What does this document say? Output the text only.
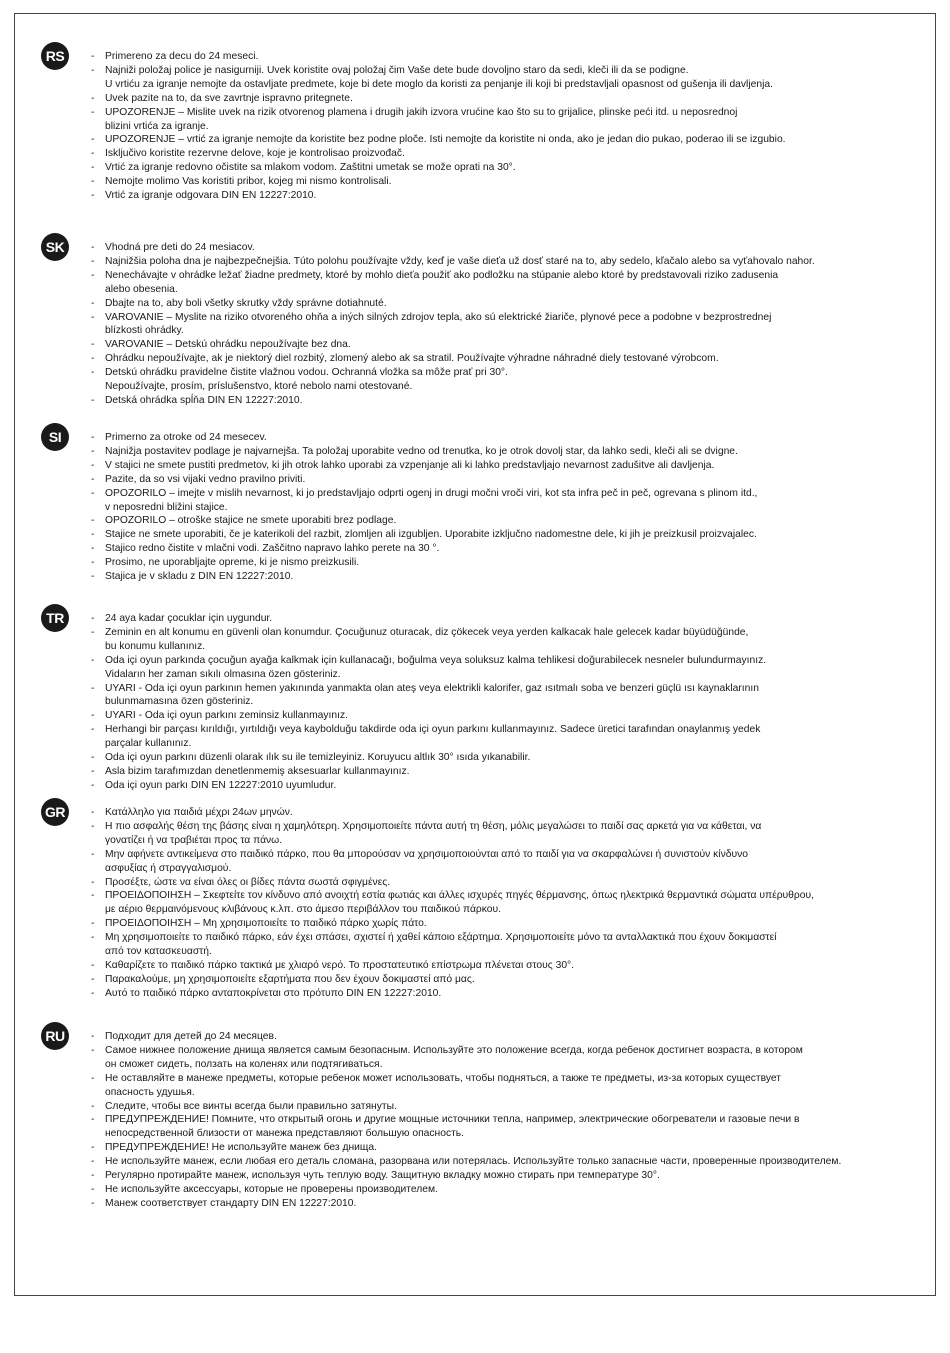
RS	- Primereno za decu do 24 meseci.
- Najniži položaj police je nasigurniji. Uvek koristite ovaj položaj čim Vaše dete bude dovoljno staro da sedi, kleči ili da se podigne.
U vrtiću za igranje nemojte da ostavljate predmete, koje bi dete moglo da koristi za penjanje ili koji bi predstavljali opasnost od gušenja ili davljenja.
- Uvek pazite na to, da sve zavrtnje ispravno pritegnete.
- UPOZORENJE – Mislite uvek na rizik otvorenog plamena i drugih jakih izvora vrućine kao što su to grijalice, plinske peći itd. u neposrednoj
blizini vrtića za igranje.
- UPOZORENJE – vrtić za igranje nemojte da koristite bez podne ploče. Isti nemojte da koristite ni onda, ako je jedan dio pukao, poderao ili se izgubio.
- Isključivo koristite rezervne delove, koje je kontrolisao proizvođač.
- Vrtić za igranje redovno očistite sa mlakom vodom. Zaštitni umetak se može oprati na 30°.
- Nemojte molimo Vas koristiti pribor, kojeg mi nismo kontrolisali.
- Vrtić za igranje odgovara DIN EN 12227:2010.
SK	- Vhodná pre deti do 24 mesiacov.
- Najnižšia poloha dna je najbezpečnejšia. Túto polohu používajte vždy, keď je vaše dieťa už dosť staré na to, aby sedelo, kľačalo alebo sa vyťahovalo nahor.
- Nenechávajte v ohrádke ležať žiadne predmety, ktoré by mohlo dieťa použiť ako podložku na stúpanie alebo ktoré by predstavovali riziko zadusenia
alebo obesenia.
- Dbajte na to, aby boli všetky skrutky vždy správne dotiahnuté.
- VAROVANIE – Myslite na riziko otvoreného ohňa a iných silných zdrojov tepla, ako sú elektrické žiariče, plynové pece a podobne v bezprostrednej
blízkosti ohrádky.
- VAROVANIE – Detskú ohrádku nepoužívajte bez dna.
- Ohrádku nepoužívajte, ak je niektorý diel rozbitý, zlomený alebo ak sa stratil. Používajte výhradne náhradné diely testované výrobcom.
- Detskú ohrádku pravidelne čistite vlažnou vodou. Ochranná vložka sa môže prať pri 30°.
Nepoužívajte, prosím, príslušenstvo, ktoré nebolo nami otestované.
- Detská ohrádka spĺňa DIN EN 12227:2010.
SI	- Primerno za otroke od 24 mesecev.
- Najnižja postavitev podlage je najvarnejša. Ta položaj uporabite vedno od trenutka, ko je otrok dovolj star, da lahko sedi, kleči ali se dvigne.
- V stajici ne smete pustiti predmetov, ki jih otrok lahko uporabi za vzpenjanje ali ki lahko predstavljajo nevarnost zadušitve ali davljenja.
- Pazite, da so vsi vijaki vedno pravilno priviti.
- OPOZORILO – imejte v mislih nevarnost, ki jo predstavljajo odprti ogenj in drugi močni vroči viri, kot sta infra peč in peč, ogrevana s plinom itd.,
v neposredni bližini stajice.
- OPOZORILO – otroške stajice ne smete uporabiti brez podlage.
- Stajice ne smete uporabiti, če je katerikoli del razbit, zlomljen ali izgubljen. Uporabite izključno nadomestne dele, ki jih je preizkusil proizvajalec.
- Stajico redno čistite v mlačni vodi. Zaščitno napravo lahko perete na 30 °.
- Prosimo, ne uporabljajte opreme, ki je nismo preizkusili.
- Stajica je v skladu z DIN EN 12227:2010.
TR	- 24 aya kadar çocuklar için uygundur.
- Zeminin en alt konumu en güvenli olan konumdur. Çocuğunuz oturacak, diz çökecek veya yerden kalkacak hale gelecek kadar büyüdüğünde,
bu konumu kullanınız.
- Oda içi oyun parkında çocuğun ayağa kalkmak için kullanacağı, boğulma veya soluksuz kalma tehlikesi doğurabilecek nesneler bulundurmayınız.
Vidaların her zaman sıkılı olmasına özen gösteriniz.
- UYARI - Oda içi oyun parkının hemen yakınında yanmakta olan ateş veya elektrikli kalorifer, gaz ısıtmalı soba ve benzeri güçlü ısı kaynaklarının
bulunmamasına özen gösteriniz.
- UYARI - Oda içi oyun parkını zeminsiz kullanmayınız.
- Herhangi bir parçası kırıldığı, yırtıldığı veya kaybolduğu takdirde oda içi oyun parkını kullanmayınız. Sadece üretici tarafından onaylanmış yedek
parçalar kullanınız.
- Oda içi oyun parkını düzenli olarak ılık su ile temizleyiniz. Koruyucu altlık 30° ısıda yıkanabilir.
- Asla bizim tarafımızdan denetlenmemiş aksesuarlar kullanmayınız.
- Oda içi oyun parkı DIN EN 12227:2010 uyumludur.
GR	- Κατάλληλο για παιδιά μέχρι 24ων μηνών.
- Η πιο ασφαλής θέση της βάσης είναι η χαμηλότερη. Χρησιμοποιείτε πάντα αυτή τη θέση, μόλις μεγαλώσει το παιδί σας αρκετά για να κάθεται, να
γονατίζει ή να τραβιέται προς τα πάνω.
- Μην αφήνετε αντικείμενα στο παιδικό πάρκο, που θα μπορούσαν να χρησιμοποιούνται από το παιδί για να σκαρφαλώνει ή συνιστούν κίνδυνο
ασφυξίας ή στραγγαλισμού.
- Προσέξτε, ώστε να είναι όλες οι βίδες πάντα σωστά σφιγμένες.
- ΠΡΟΕΙΔΟΠΟΙΗΣΗ – Σκεφτείτε τον κίνδυνο από ανοιχτή εστία φωτιάς και άλλες ισχυρές πηγές θέρμανσης, όπως ηλεκτρικά θερμαντικά σώματα υπέρυθρου,
με αέριο θερμαινόμενους κλιβάνους κ.λπ. στο άμεσο περιβάλλον του παιδικού πάρκου.
- ΠΡΟΕΙΔΟΠΟΙΗΣΗ – Μη χρησιμοποιείτε το παιδικό πάρκο χωρίς πάτο.
- Μη χρησιμοποιείτε το παιδικό πάρκο, εάν έχει σπάσει, σχιστεί ή χαθεί κάποιο εξάρτημα. Χρησιμοποιείτε μόνο τα ανταλλακτικά που έχουν δοκιμαστεί
από τον κατασκευαστή.
- Καθαρίζετε το παιδικό πάρκο τακτικά με χλιαρό νερό. Το προστατευτικό επίστρωμα πλένεται στους 30°.
- Παρακαλούμε, μη χρησιμοποιείτε εξαρτήματα που δεν έχουν δοκιμαστεί από μας.
- Αυτό το παιδικό πάρκο ανταποκρίνεται στο πρότυπο DIN EN 12227:2010.
RU	- Подходит для детей до 24 месяцев.
- Самое нижнее положение днища является самым безопасным. Используйте это положение всегда, когда ребенок достигнет возраста, в котором
он сможет сидеть, ползать на коленях или подтягиваться.
- Не оставляйте в манеже предметы, которые ребенок может использовать, чтобы подняться, а также те предметы, из-за которых существует
опасность удушья.
- Следите, чтобы все винты всегда были правильно затянуты.
- ПРЕДУПРЕЖДЕНИЕ! Помните, что открытый огонь и другие мощные источники тепла, например, электрические обогреватели и газовые печи в
непосредственной близости от манежа представляют большую опасность.
- ПРЕДУПРЕЖДЕНИЕ! Не используйте манеж без днища.
- Не используйте манеж, если любая его деталь сломана, разорвана или потерялась. Используйте только запасные части, проверенные производителем.
- Регулярно протирайте манеж, используя чуть теплую воду. Защитную вкладку можно стирать при температуре 30°.
- Не используйте аксессуары, которые не проверены производителем.
- Манеж соответствует стандарту DIN EN 12227:2010.
